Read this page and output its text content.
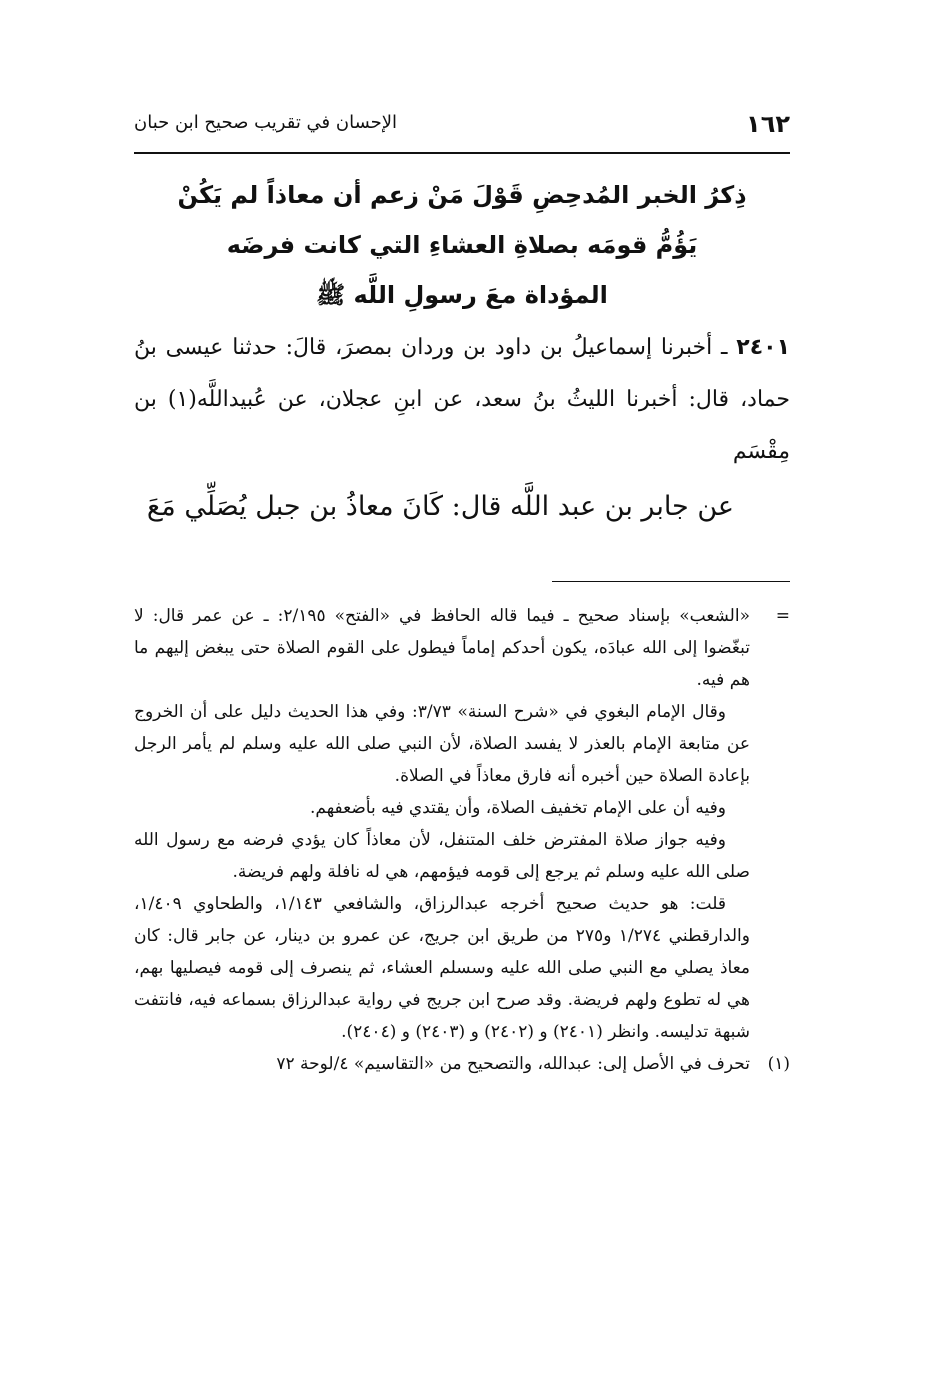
١٦٢
الإحسان في تقريب صحيح ابن حبان
ذِكرُ الخبر المُدحِضِ قَوْلَ مَنْ زعم أن معاذاً لم يَكُنْ
يَؤُمُّ قومَه بصلاةِ العشاءِ التي كانت فرضَه
المؤداة معَ رسولِ اللَّه ﷺ
٢٤٠١ ـ أخبرنا إسماعيلُ بن داود بن وردان بمصرَ، قالَ: حدثنا عيسى بنُ حماد، قال: أخبرنا الليثُ بنُ سعد، عن ابنِ عجلان، عن عُبيداللَّه(١) بن مِقْسَم
عن جابر بن عبد اللَّه قال: كَانَ معاذُ بن جبل يُصَلِّي مَعَ

=
«الشعب» بإسناد صحيح ـ فيما قاله الحافظ في «الفتح» ٢/١٩٥: ـ عن عمر قال: لا تبغّضوا إلى الله عبادَه، يكون أحدكم إماماً فيطول على القوم الصلاة حتى يبغض إليهم ما هم فيه.

وقال الإمام البغوي في «شرح السنة» ٣/٧٣: وفي هذا الحديث دليل على أن الخروج عن متابعة الإمام بالعذر لا يفسد الصلاة، لأن النبي صلى الله عليه وسلم لم يأمر الرجل بإعادة الصلاة حين أخبره أنه فارق معاذاً في الصلاة.

وفيه أن على الإمام تخفيف الصلاة، وأن يقتدي فيه بأضعفهم.

وفيه جواز صلاة المفترض خلف المتنفل، لأن معاذاً كان يؤدي فرضه مع رسول الله صلى الله عليه وسلم ثم يرجع إلى قومه فيؤمهم، هي له نافلة ولهم فريضة.

قلت: هو حديث صحيح أخرجه عبدالرزاق، والشافعي ١/١٤٣، والطحاوي ١/٤٠٩، والدارقطني ١/٢٧٤ و٢٧٥ من طريق ابن جريج، عن عمرو بن دينار، عن جابر قال: كان معاذ يصلي مع النبي صلى الله عليه وسسلم العشاء، ثم ينصرف إلى قومه فيصليها بهم، هي له تطوع ولهم فريضة. وقد صرح ابن جريج في رواية عبدالرزاق بسماعه فيه، فانتفت شبهة تدليسه. وانظر (٢٤٠١) و (٢٤٠٢) و (٢٤٠٣) و (٢٤٠٤).

(١)
تحرف في الأصل إلى: عبدالله، والتصحيح من «التقاسيم» ٤/لوحة ٧٢
